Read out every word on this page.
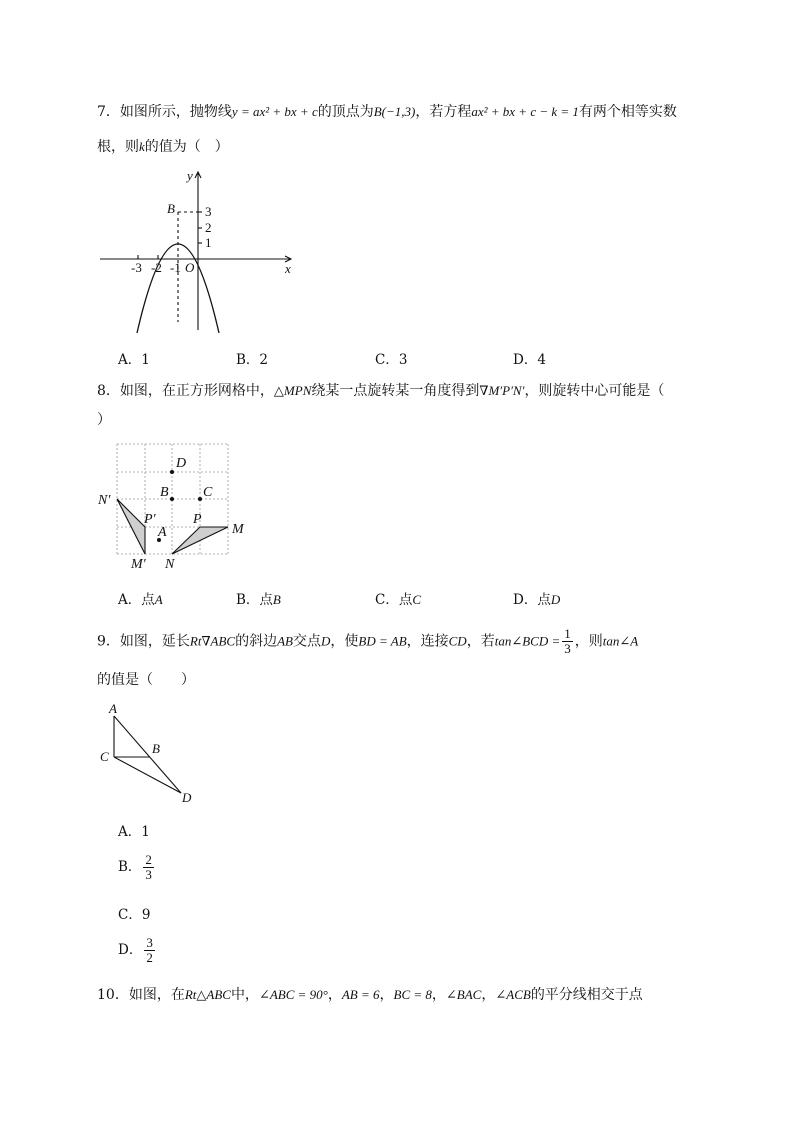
7．如图所示，抛物线y = ax² + bx + c的顶点为B(−1,3)，若方程ax² + bx + c − k = 1有两个相等实数
根，则k的值为（　）
y
x
O
B 3
2
1
-3 -2 -1
A．1	B．2	C．3	D．4
8．如图，在正方形网格中，△MPN绕某一点旋转某一角度得到∇M′P′N′，则旋转中心可能是（
）
D
B C
A
N′
P′
M′
P
M
N
A．点A	B．点B	C．点C	D．点D
9．如图，延长Rt∇ABC的斜边AB交点D，使BD = AB，连接CD，若tan∠BCD = $\frac{1}{3}$ ，则tan∠A
的值是（　　）
A
B
C
D
A．1
B． $\frac{2}{3}$
C．9
D． $\frac{3}{2}$
10．如图，在Rt△ABC中，∠ABC = 90°，AB = 6，BC = 8，∠BAC，∠ACB的平分线相交于点
